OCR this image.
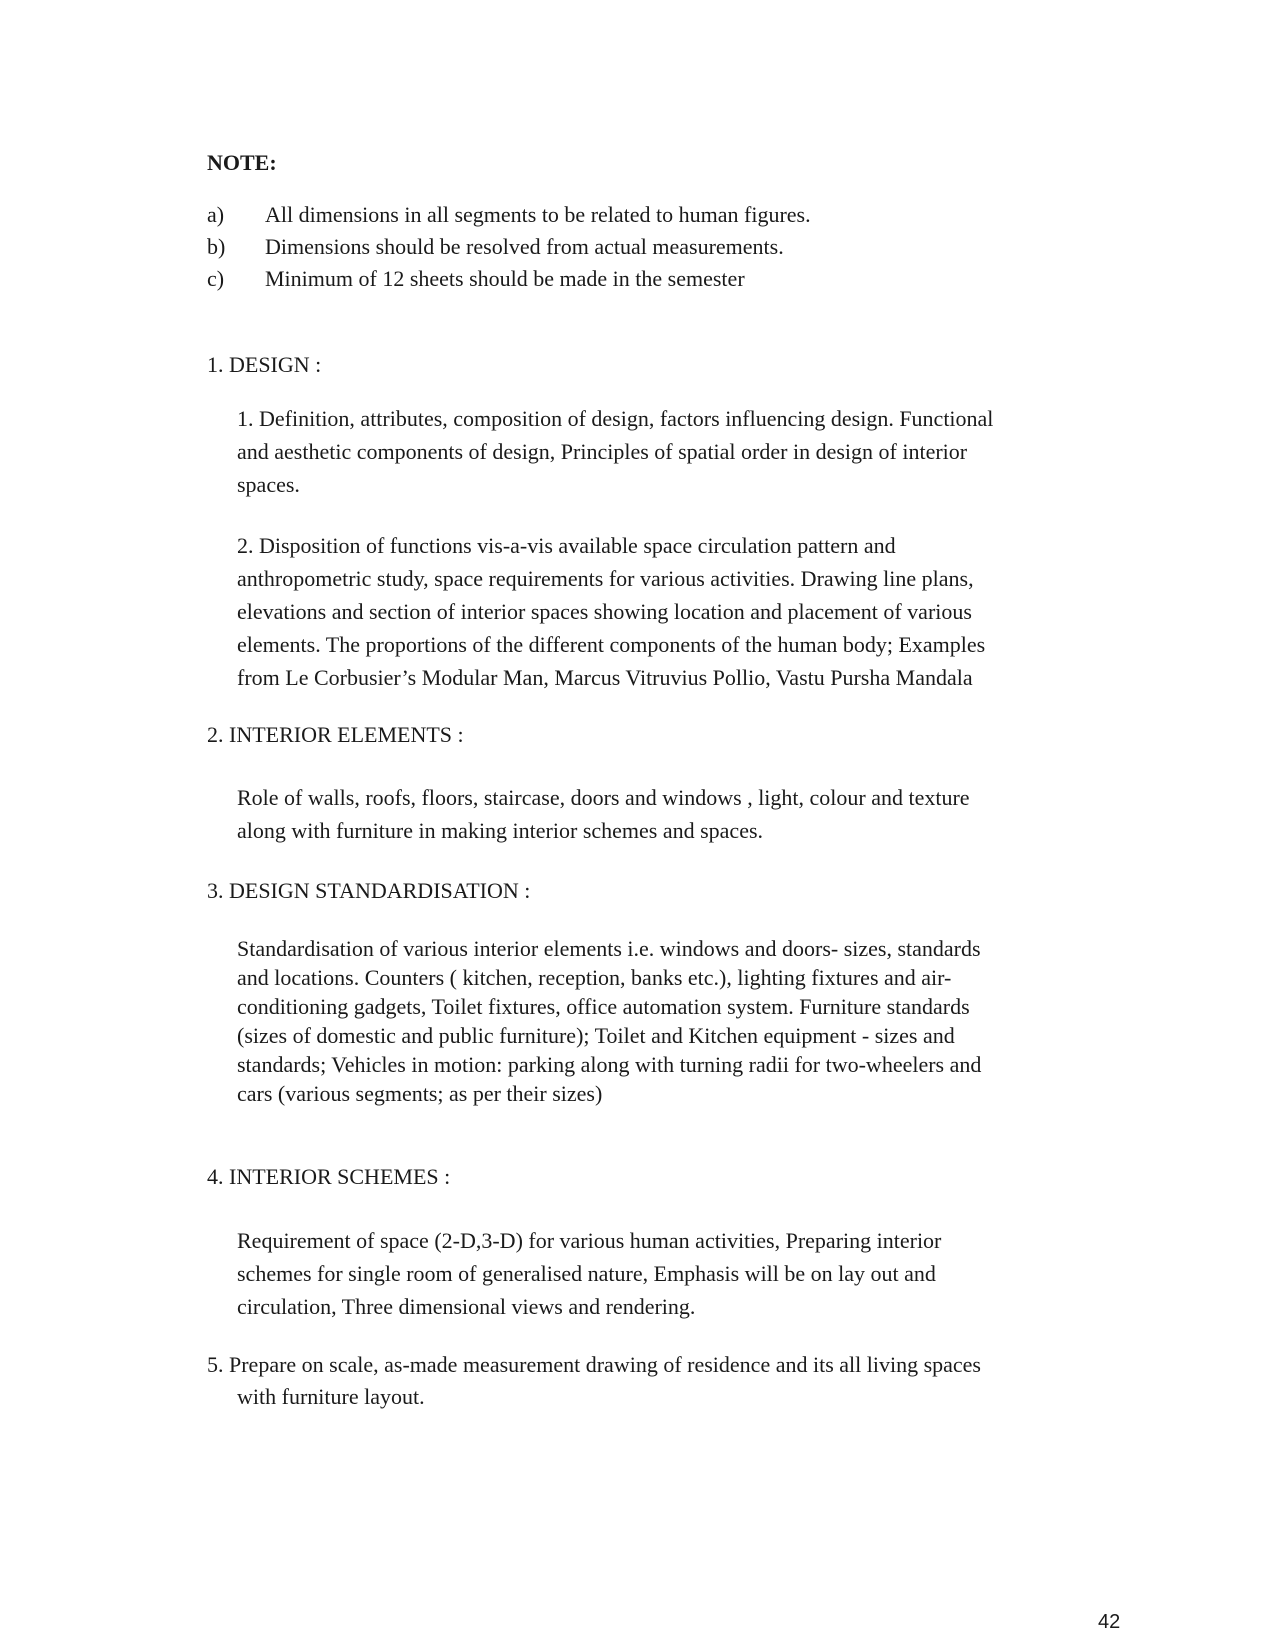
NOTE:
a) All dimensions in all segments to be related to human figures.
b) Dimensions should be resolved from actual measurements.
c) Minimum of 12 sheets should be made in the semester
1. DESIGN :
1. Definition, attributes, composition of design, factors influencing design. Functional
and aesthetic components of design, Principles of spatial order in design of interior
spaces.
2. Disposition of functions vis-a-vis available space circulation pattern and
anthropometric study, space requirements for various activities. Drawing line plans,
elevations and section of interior spaces showing location and placement of various
elements. The proportions of the different components of the human body; Examples
from Le Corbusier’s Modular Man, Marcus Vitruvius Pollio, Vastu Pursha Mandala
2. INTERIOR ELEMENTS :
Role of walls, roofs, floors, staircase, doors and windows , light, colour and texture
along with furniture in making interior schemes and spaces.
3. DESIGN STANDARDISATION :
Standardisation of various interior elements i.e. windows and doors- sizes, standards
and locations. Counters ( kitchen, reception, banks etc.), lighting fixtures and air-
conditioning gadgets, Toilet fixtures, office automation system. Furniture standards
(sizes of domestic and public furniture); Toilet and Kitchen equipment - sizes and
standards; Vehicles in motion: parking along with turning radii for two-wheelers and
cars (various segments; as per their sizes)
4. INTERIOR SCHEMES :
Requirement of space (2-D,3-D) for various human activities, Preparing interior
schemes for single room of generalised nature, Emphasis will be on lay out and
circulation, Three dimensional views and rendering.
5. Prepare on scale, as-made measurement drawing of residence and its all living spaces
with furniture layout.
42
